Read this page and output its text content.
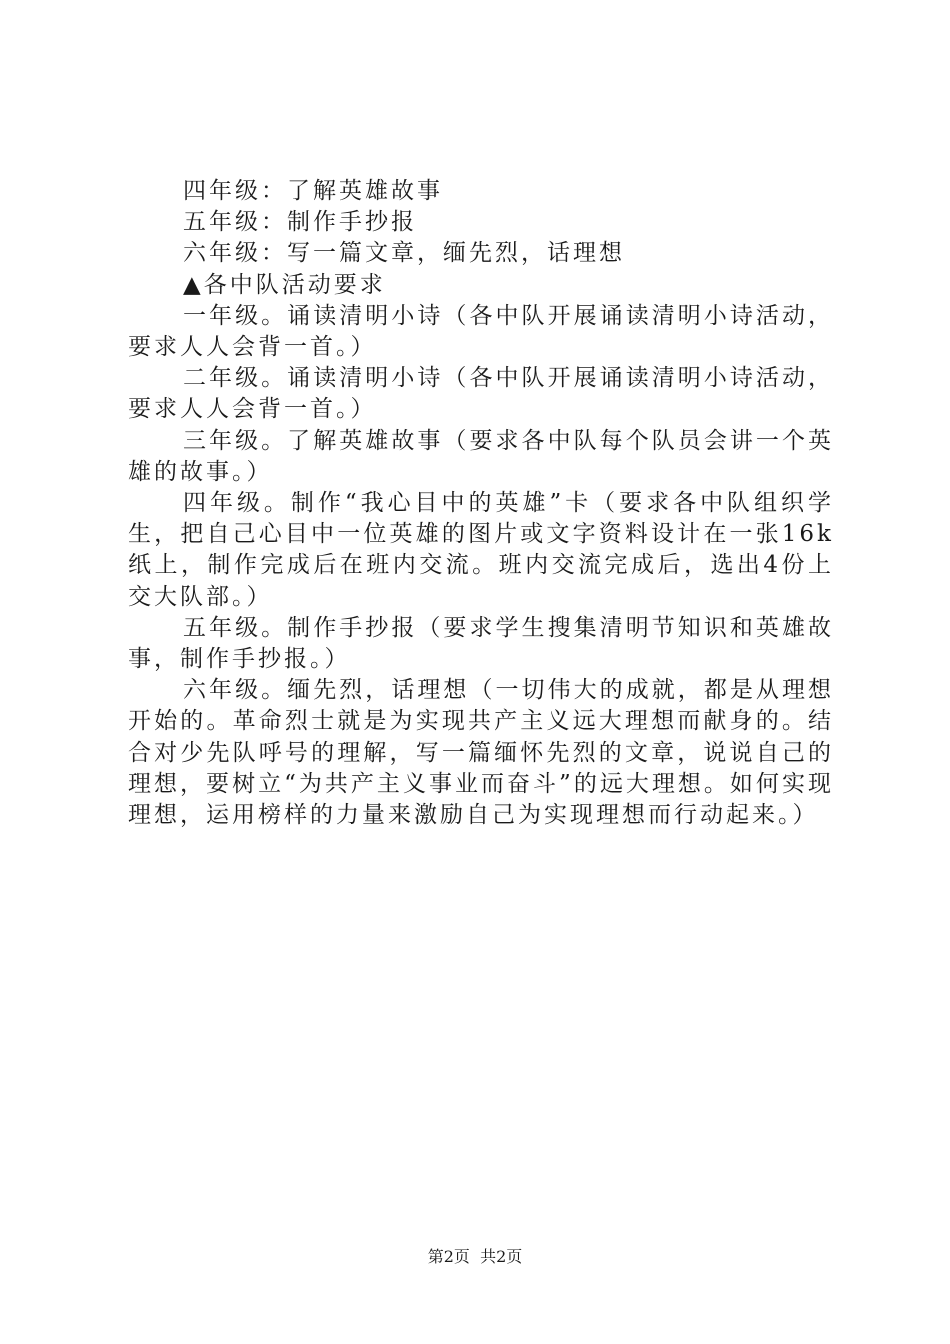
四年级：了解英雄故事

五年级：制作手抄报

六年级：写一篇文章，缅先烈，话理想

▲各中队活动要求

一年级。诵读清明小诗（各中队开展诵读清明小诗活动，要求人人会背一首。）

二年级。诵读清明小诗（各中队开展诵读清明小诗活动，要求人人会背一首。）

三年级。了解英雄故事（要求各中队每个队员会讲一个英雄的故事。）

四年级。制作“我心目中的英雄”卡（要求各中队组织学生，把自己心目中一位英雄的图片或文字资料设计在一张16k纸上，制作完成后在班内交流。班内交流完成后，选出4份上交大队部。）

五年级。制作手抄报（要求学生搜集清明节知识和英雄故事，制作手抄报。）

六年级。缅先烈，话理想（一切伟大的成就，都是从理想开始的。革命烈士就是为实现共产主义远大理想而献身的。结合对少先队呼号的理解，写一篇缅怀先烈的文章，说说自己的理想，要树立“为共产主义事业而奋斗”的远大理想。如何实现理想，运用榜样的力量来激励自己为实现理想而行动起来。）

第2页 共2页
